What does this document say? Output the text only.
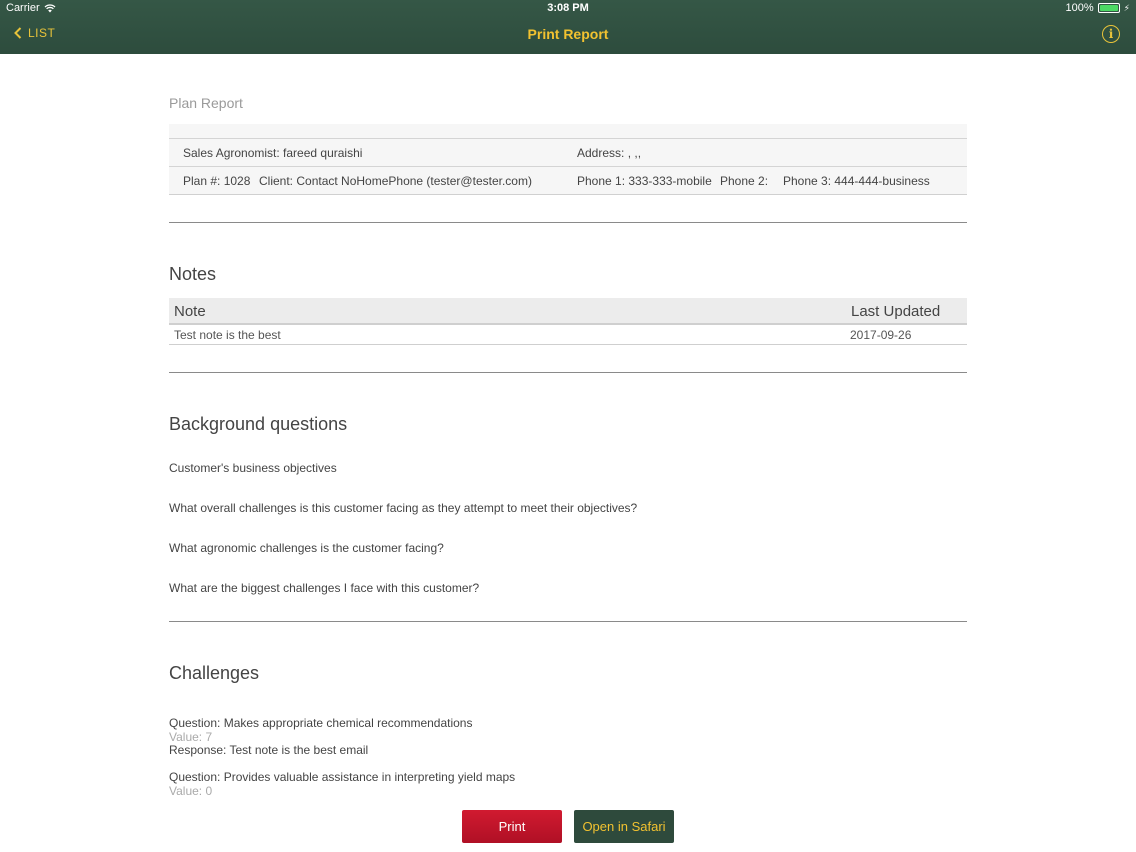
Carrier	3:08 PM	100%	⚡
LIST	Print Report	i
Plan Report
Sales Agronomist: fareed quraishi	Address: , ,,
Plan #: 1028 Client: Contact NoHomePhone (tester@tester.com)	Phone 1: 333-333-mobile Phone 2: Phone 3: 444-444-business
Notes
Note	Last Updated
Test note is the best	2017-09-26
Background questions
Customer's business objectives
What overall challenges is this customer facing as they attempt to meet their objectives?
What agronomic challenges is the customer facing?
What are the biggest challenges I face with this customer?
Challenges
Question: Makes appropriate chemical recommendations
Value: 7
Response: Test note is the best email
Question: Provides valuable assistance in interpreting yield maps
Value: 0
Print	Open in Safari
